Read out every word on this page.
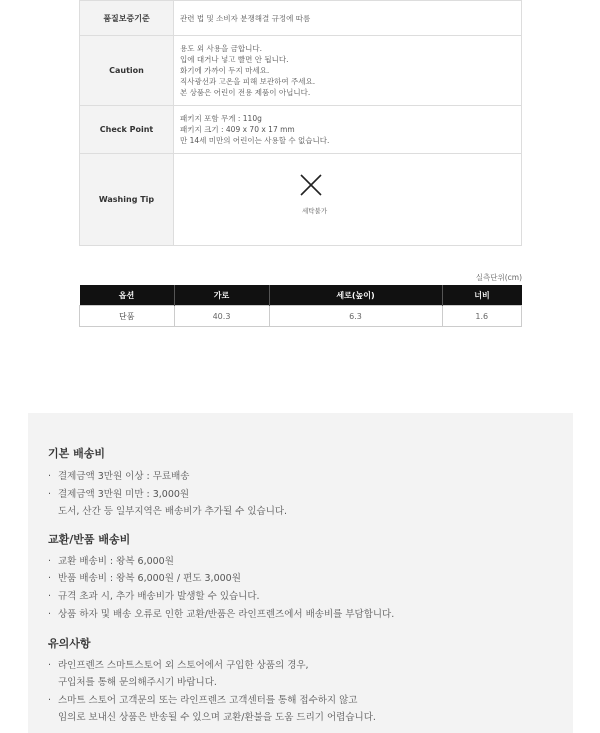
품질보증기준	관련 법 및 소비자 분쟁해결 규정에 따름

Caution	용도 외 사용을 금합니다.
입에 대거나 넣고 빨면 안 됩니다.
화기에 가까이 두지 마세요.
직사광선과 고온을 피해 보관하여 주세요.
본 상품은 어린이 전용 제품이 아닙니다.

Check Point	패키지 포함 무게 : 110g
패키지 크기 : 409 x 70 x 17 mm
만 14세 미만의 어린이는 사용할 수 없습니다.

Washing Tip	세탁불가
실측단위(cm)
옵션	가로	세로(높이)	너비
단품	40.3	6.3	1.6
기본 배송비
· 결제금액 3만원 이상 : 무료배송
· 결제금액 3만원 미만 : 3,000원
도서, 산간 등 일부지역은 배송비가 추가될 수 있습니다.
교환/반품 배송비
· 교환 배송비 : 왕복 6,000원
· 반품 배송비 : 왕복 6,000원 / 편도 3,000원
· 규격 초과 시, 추가 배송비가 발생할 수 있습니다.
· 상품 하자 및 배송 오류로 인한 교환/반품은 라인프렌즈에서 배송비를 부담합니다.
유의사항
· 라인프렌즈 스마트스토어 외 스토어에서 구입한 상품의 경우,
구입처를 통해 문의해주시기 바랍니다.
· 스마트 스토어 고객문의 또는 라인프렌즈 고객센터를 통해 접수하지 않고
임의로 보내신 상품은 반송될 수 있으며 교환/환불을 도움 드리기 어렵습니다.
